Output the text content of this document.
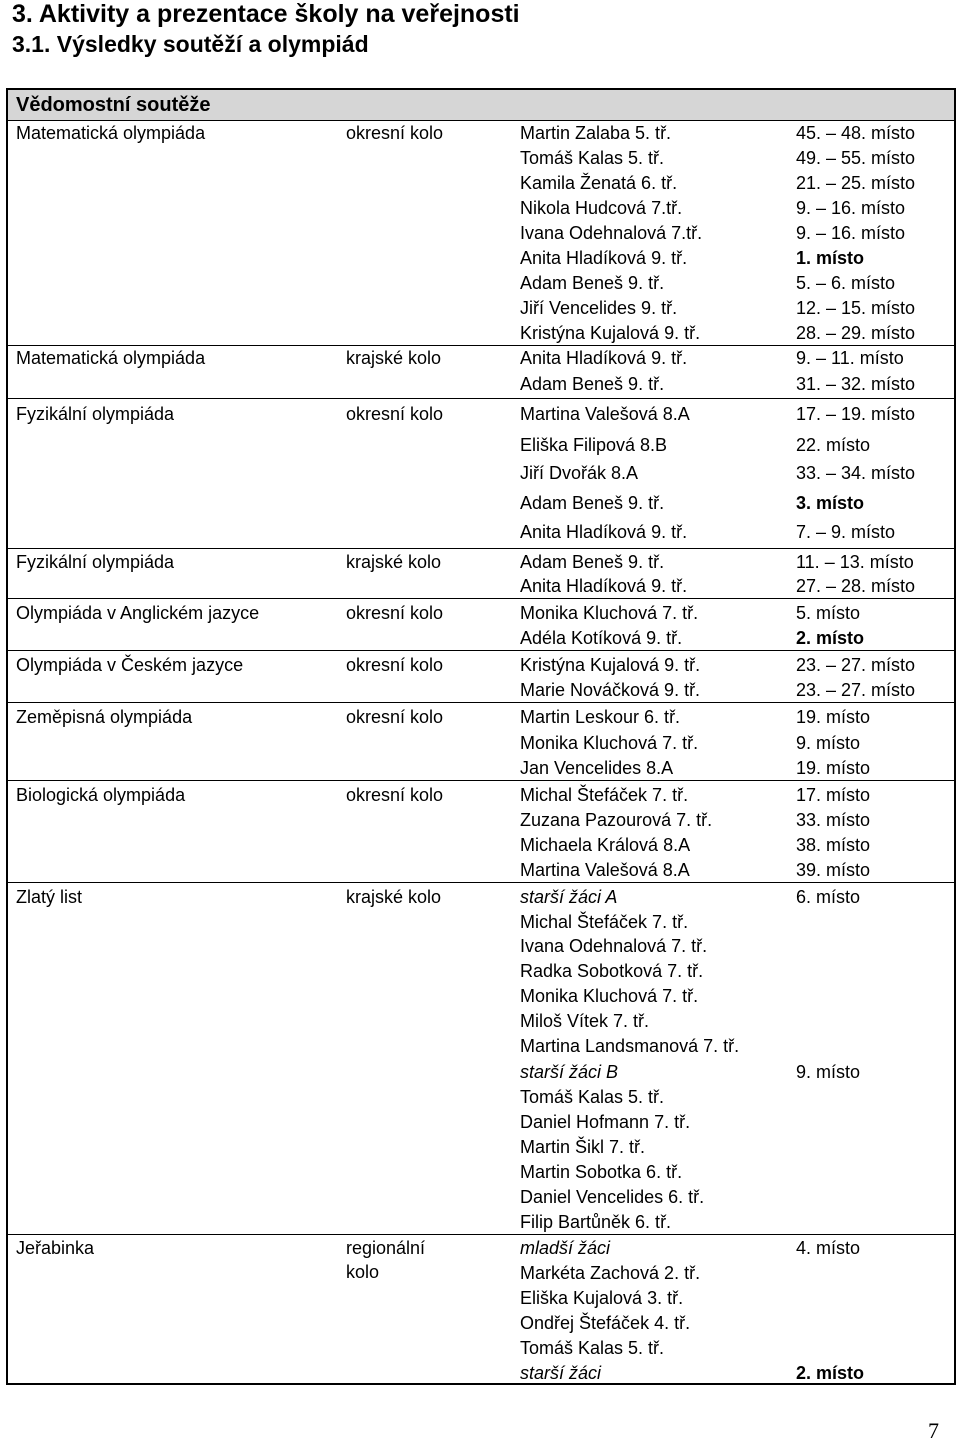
3. Aktivity a prezentace školy na veřejnosti
3.1. Výsledky soutěží a olympiád
Vědomostní soutěže
Matematická olympiáda	okresní kolo	Martin Zalaba 5. tř.	45. – 48. místo
Tomáš Kalas 5. tř.	49. – 55. místo
Kamila Ženatá 6. tř.	21. – 25. místo
Nikola Hudcová 7.tř.	9. – 16. místo
Ivana Odehnalová 7.tř.	9. – 16. místo
Anita Hladíková 9. tř.	1. místo
Adam Beneš 9. tř.	5. – 6. místo
Jiří Vencelides 9. tř.	12. – 15. místo
Kristýna Kujalová 9. tř.	28. – 29. místo
Matematická olympiáda	krajské kolo	Anita Hladíková 9. tř.	9. – 11. místo
Adam Beneš 9. tř.	31. – 32. místo
Fyzikální olympiáda	okresní kolo	Martina Valešová 8.A	17. – 19. místo
Eliška Filipová 8.B	22. místo
Jiří Dvořák 8.A	33. – 34. místo
Adam Beneš 9. tř.	3. místo
Anita Hladíková 9. tř.	7. – 9. místo
Fyzikální olympiáda	krajské kolo	Adam Beneš 9. tř.	11. – 13. místo
Anita Hladíková 9. tř.	27. – 28. místo
Olympiáda v Anglickém jazyce	okresní kolo	Monika Kluchová 7. tř.	5. místo
Adéla Kotíková 9. tř.	2. místo
Olympiáda v Českém jazyce	okresní kolo	Kristýna Kujalová 9. tř.	23. – 27. místo
Marie Nováčková 9. tř.	23. – 27. místo
Zeměpisná olympiáda	okresní kolo	Martin Leskour 6. tř.	19. místo
Monika Kluchová 7. tř.	9. místo
Jan Vencelides 8.A	19. místo
Biologická olympiáda	okresní kolo	Michal Štefáček 7. tř.	17. místo
Zuzana Pazourová 7. tř.	33. místo
Michaela Králová 8.A	38. místo
Martina Valešová 8.A	39. místo
Zlatý list	krajské kolo	starší žáci A	6. místo
Michal Štefáček 7. tř.
Ivana Odehnalová 7. tř.
Radka Sobotková 7. tř.
Monika Kluchová 7. tř.
Miloš Vítek 7. tř.
Martina Landsmanová 7. tř.
starší žáci B	9. místo
Tomáš Kalas 5. tř.
Daniel Hofmann 7. tř.
Martin Šikl 7. tř.
Martin Sobotka 6. tř.
Daniel Vencelides 6. tř.
Filip Bartůněk 6. tř.
Jeřabinka	regionální
kolo
mladší žáci	4. místo
Markéta Zachová 2. tř.
Eliška Kujalová 3. tř.
Ondřej Štefáček 4. tř.
Tomáš Kalas 5. tř.
starší žáci	2. místo
7
